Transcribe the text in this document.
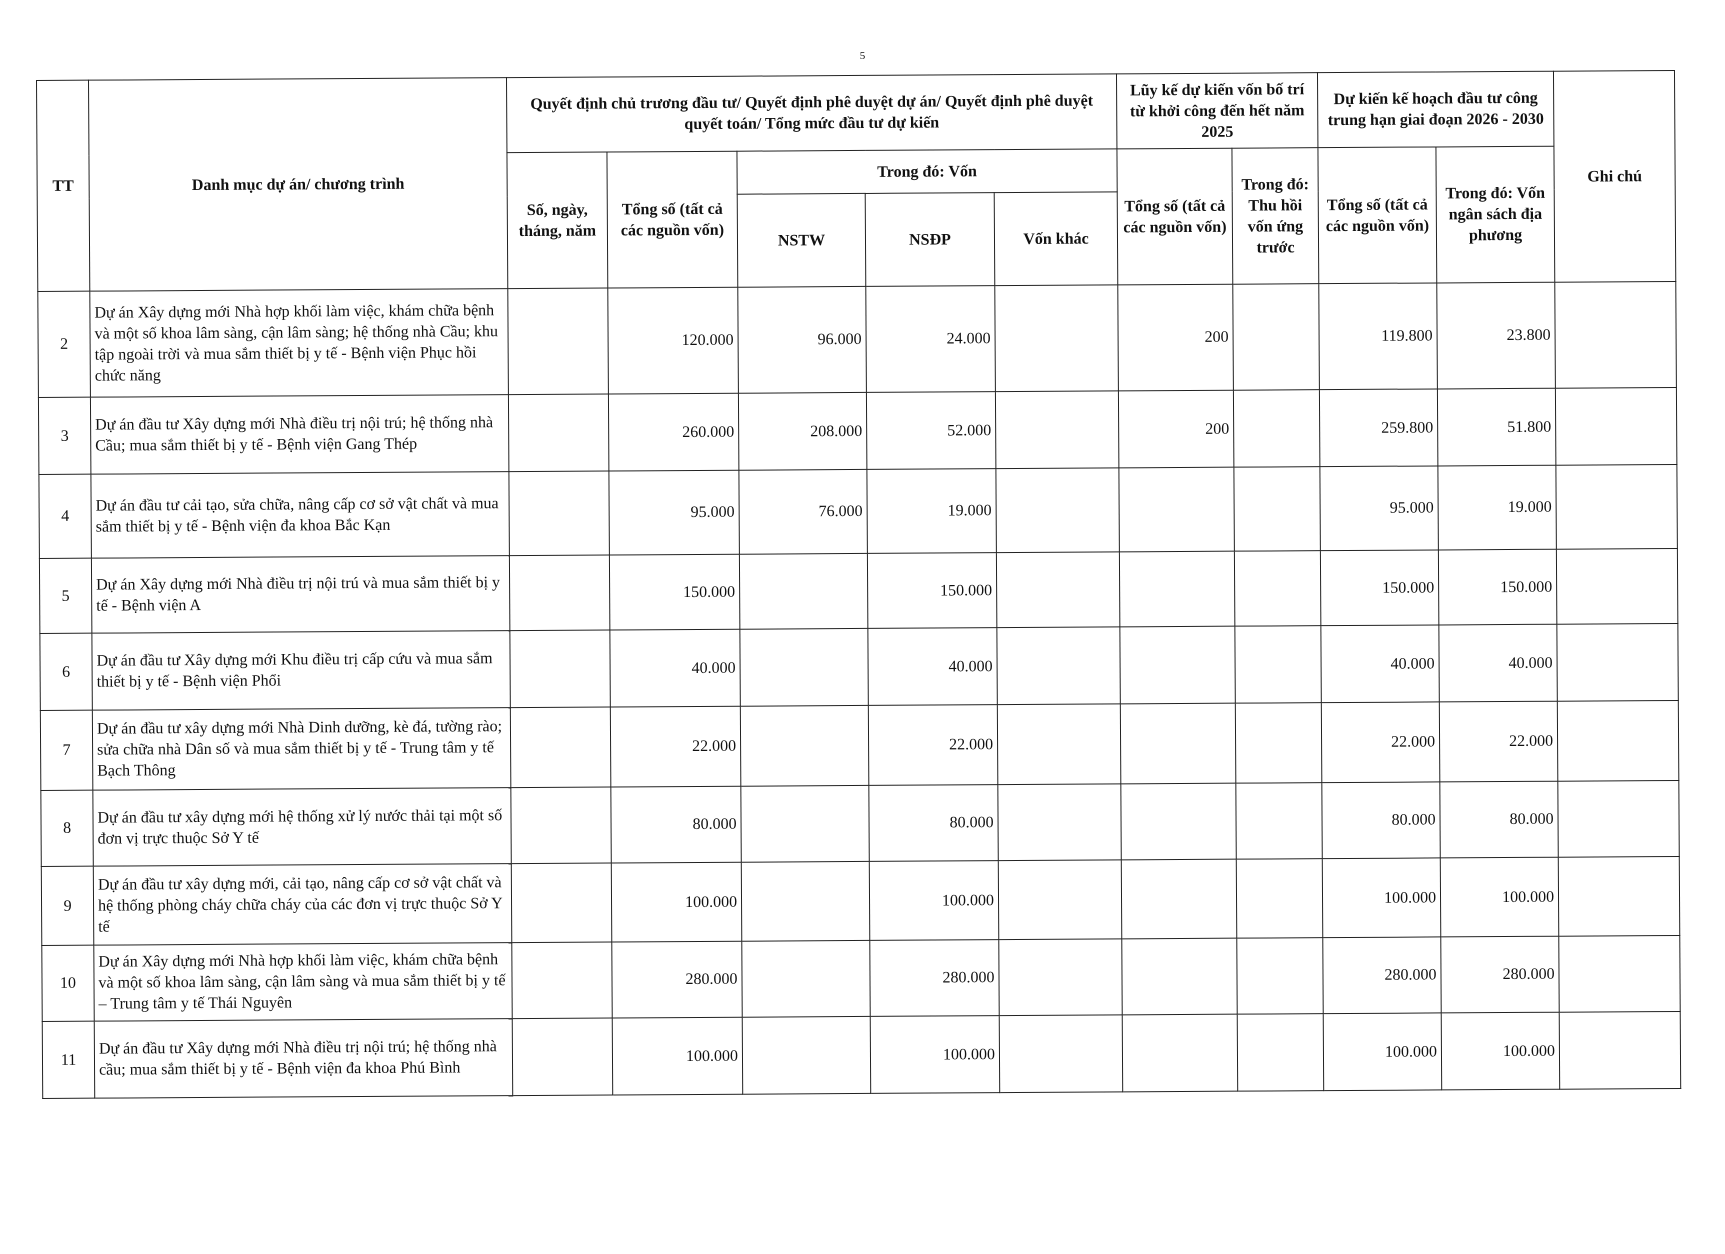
5
TT	Danh mục dự án/ chương trình	Quyết định chủ trương đầu tư/ Quyết định phê duyệt dự án/ Quyết định phê duyệt quyết toán/ Tổng mức đầu tư dự kiến					Lũy kế dự kiến vốn bố trí từ khởi công đến hết năm 2025		Dự kiến kế hoạch đầu tư công trung hạn giai đoạn 2026 - 2030		Ghi chú
		Số, ngày, tháng, năm	Tổng số (tất cả các nguồn vốn)	Trong đó: Vốn			Tổng số (tất cả các nguồn vốn)	Trong đó: Thu hồi vốn ứng trước	Tổng số (tất cả các nguồn vốn)	Trong đó: Vốn ngân sách địa phương	
				NSTW	NSĐP	Vốn khác					
2	Dự án Xây dựng mới Nhà hợp khối làm việc, khám chữa bệnh và một số khoa lâm sàng, cận lâm sàng; hệ thống nhà Cầu; khu tập ngoài trời và mua sắm thiết bị y tế - Bệnh viện Phục hồi chức năng		120.000	96.000	24.000		200		119.800	23.800	
3	Dự án đầu tư Xây dựng mới Nhà điều trị nội trú; hệ thống nhà Cầu; mua sắm thiết bị y tế - Bệnh viện Gang Thép		260.000	208.000	52.000		200		259.800	51.800	
4	Dự án đầu tư cải tạo, sửa chữa, nâng cấp cơ sở vật chất và mua sắm thiết bị y tế - Bệnh viện đa khoa Bắc Kạn		95.000	76.000	19.000				95.000	19.000	
5	Dự án Xây dựng mới Nhà điều trị nội trú và mua sắm thiết bị y tế - Bệnh viện A		150.000		150.000				150.000	150.000	
6	Dự án đầu tư Xây dựng mới Khu điều trị cấp cứu và mua sắm thiết bị y tế - Bệnh viện Phổi		40.000		40.000				40.000	40.000	
7	Dự án đầu tư xây dựng mới Nhà Dinh dưỡng, kè đá, tường rào; sửa chữa nhà Dân số và mua sắm thiết bị y tế - Trung tâm y tế Bạch Thông		22.000		22.000				22.000	22.000	
8	Dự án đầu tư xây dựng mới hệ thống xử lý nước thải tại một số đơn vị trực thuộc Sở Y tế		80.000		80.000				80.000	80.000	
9	Dự án đầu tư xây dựng mới, cải tạo, nâng cấp cơ sở vật chất và hệ thống phòng cháy chữa cháy của các đơn vị trực thuộc Sở Y tế		100.000		100.000				100.000	100.000	
10	Dự án Xây dựng mới Nhà hợp khối làm việc, khám chữa bệnh và một số khoa lâm sàng, cận lâm sàng và mua sắm thiết bị y tế – Trung tâm y tế Thái Nguyên		280.000		280.000				280.000	280.000	
11	Dự án đầu tư Xây dựng mới Nhà điều trị nội trú; hệ thống nhà cầu; mua sắm thiết bị y tế - Bệnh viện đa khoa Phú Bình		100.000		100.000				100.000	100.000	
